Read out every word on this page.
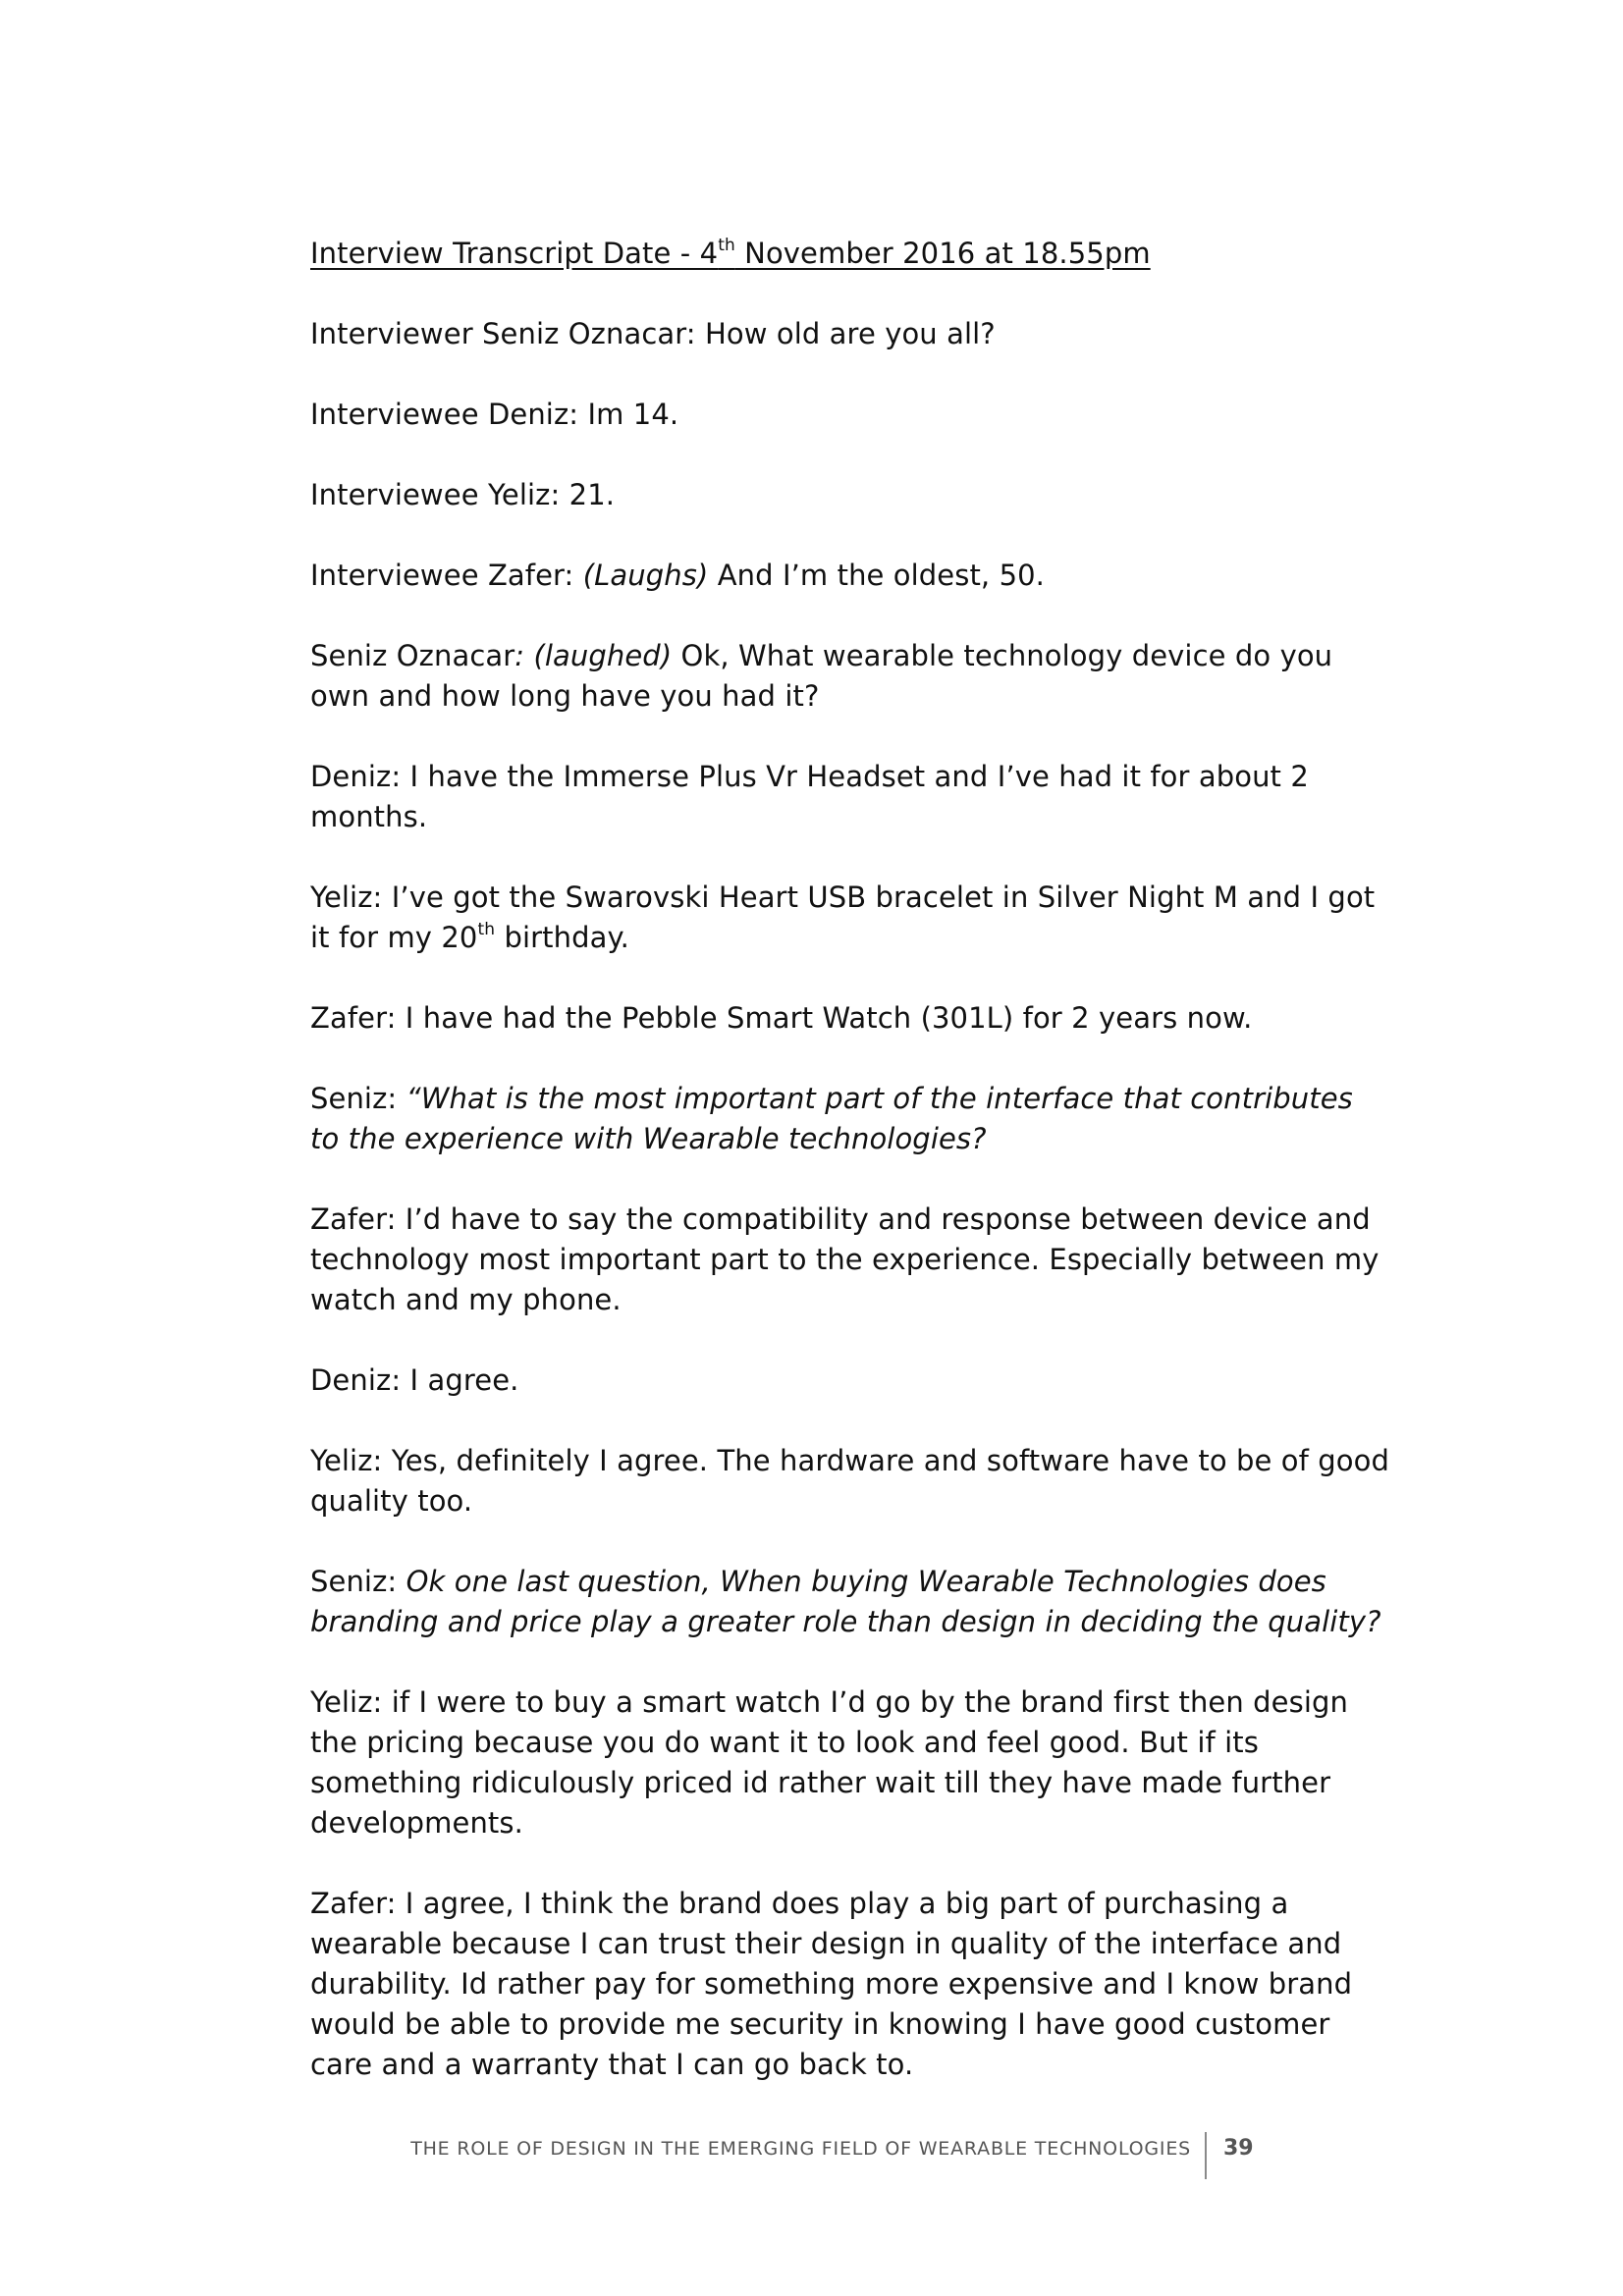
Interview Transcript Date - 4th November 2016 at 18.55pm

Interviewer Seniz Oznacar: How old are you all?

Interviewee Deniz: Im 14.

Interviewee Yeliz: 21.

Interviewee Zafer: (Laughs) And I’m the oldest, 50.

Seniz Oznacar: (laughed) Ok, What wearable technology device do you own and how long have you had it?

Deniz: I have the Immerse Plus Vr Headset and I’ve had it for about 2 months.

Yeliz: I’ve got the Swarovski Heart USB bracelet in Silver Night M and I got it for my 20th birthday.

Zafer: I have had the Pebble Smart Watch (301L) for 2 years now.

Seniz: “What is the most important part of the interface that contributes to the experience with Wearable technologies?

Zafer: I’d have to say the compatibility and response between device and technology most important part to the experience. Especially between my watch and my phone.

Deniz: I agree.

Yeliz: Yes, definitely I agree. The hardware and software have to be of good quality too.

Seniz: Ok one last question, When buying Wearable Technologies does branding and price play a greater role than design in deciding the quality?

Yeliz: if I were to buy a smart watch I’d go by the brand first then design the pricing because you do want it to look and feel good. But if its something ridiculously priced id rather wait till they have made further developments.

Zafer: I agree, I think the brand does play a big part of purchasing a wearable because I can trust their design in quality of the interface and durability. Id rather pay for something more expensive and I know brand would be able to provide me security in knowing I have good customer care and a warranty that I can go back to.

THE ROLE OF DESIGN IN THE EMERGING FIELD OF WEARABLE TECHNOLOGIES 39
